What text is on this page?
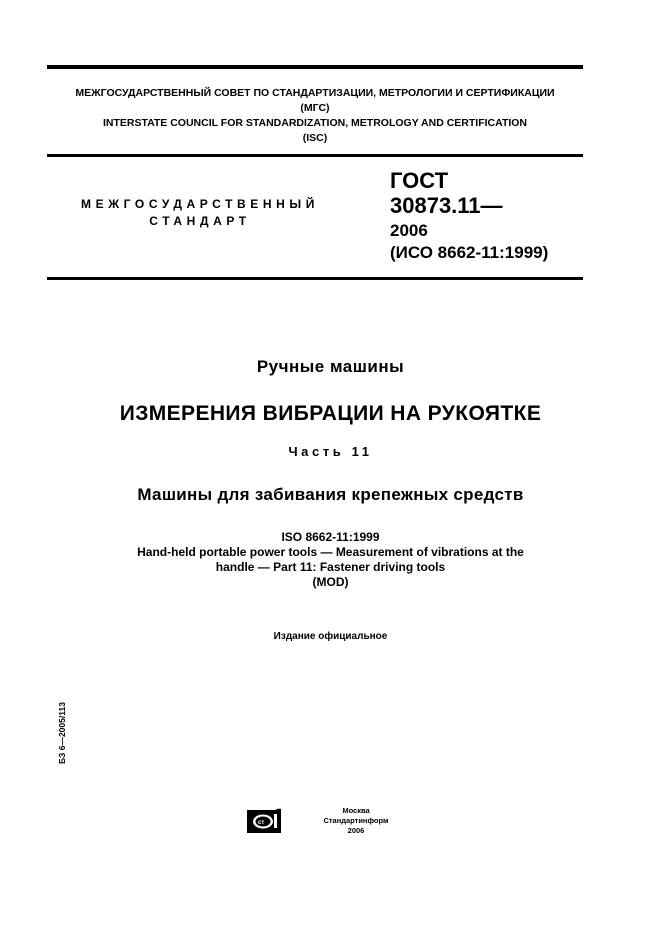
МЕЖГОСУДАРСТВЕННЫЙ СОВЕТ ПО СТАНДАРТИЗАЦИИ, МЕТРОЛОГИИ И СЕРТИФИКАЦИИ
(МГС)
INTERSTATE COUNCIL FOR STANDARDIZATION, METROLOGY AND CERTIFICATION
(ISC)
МЕЖГОСУДАРСТВЕННЫЙ
СТАНДАРТ
ГОСТ
30873.11—
2006
(ИСО 8662-11:1999)
Ручные машины
ИЗМЕРЕНИЯ ВИБРАЦИИ НА РУКОЯТКЕ
Часть 11
Машины для забивания крепежных средств
ISO 8662-11:1999
Hand-held portable power tools — Measurement of vibrations at the
handle — Part 11: Fastener driving tools
(MOD)
Издание официальное
БЗ 6—2005/113
ст
Москва
Стандартинформ
2006
